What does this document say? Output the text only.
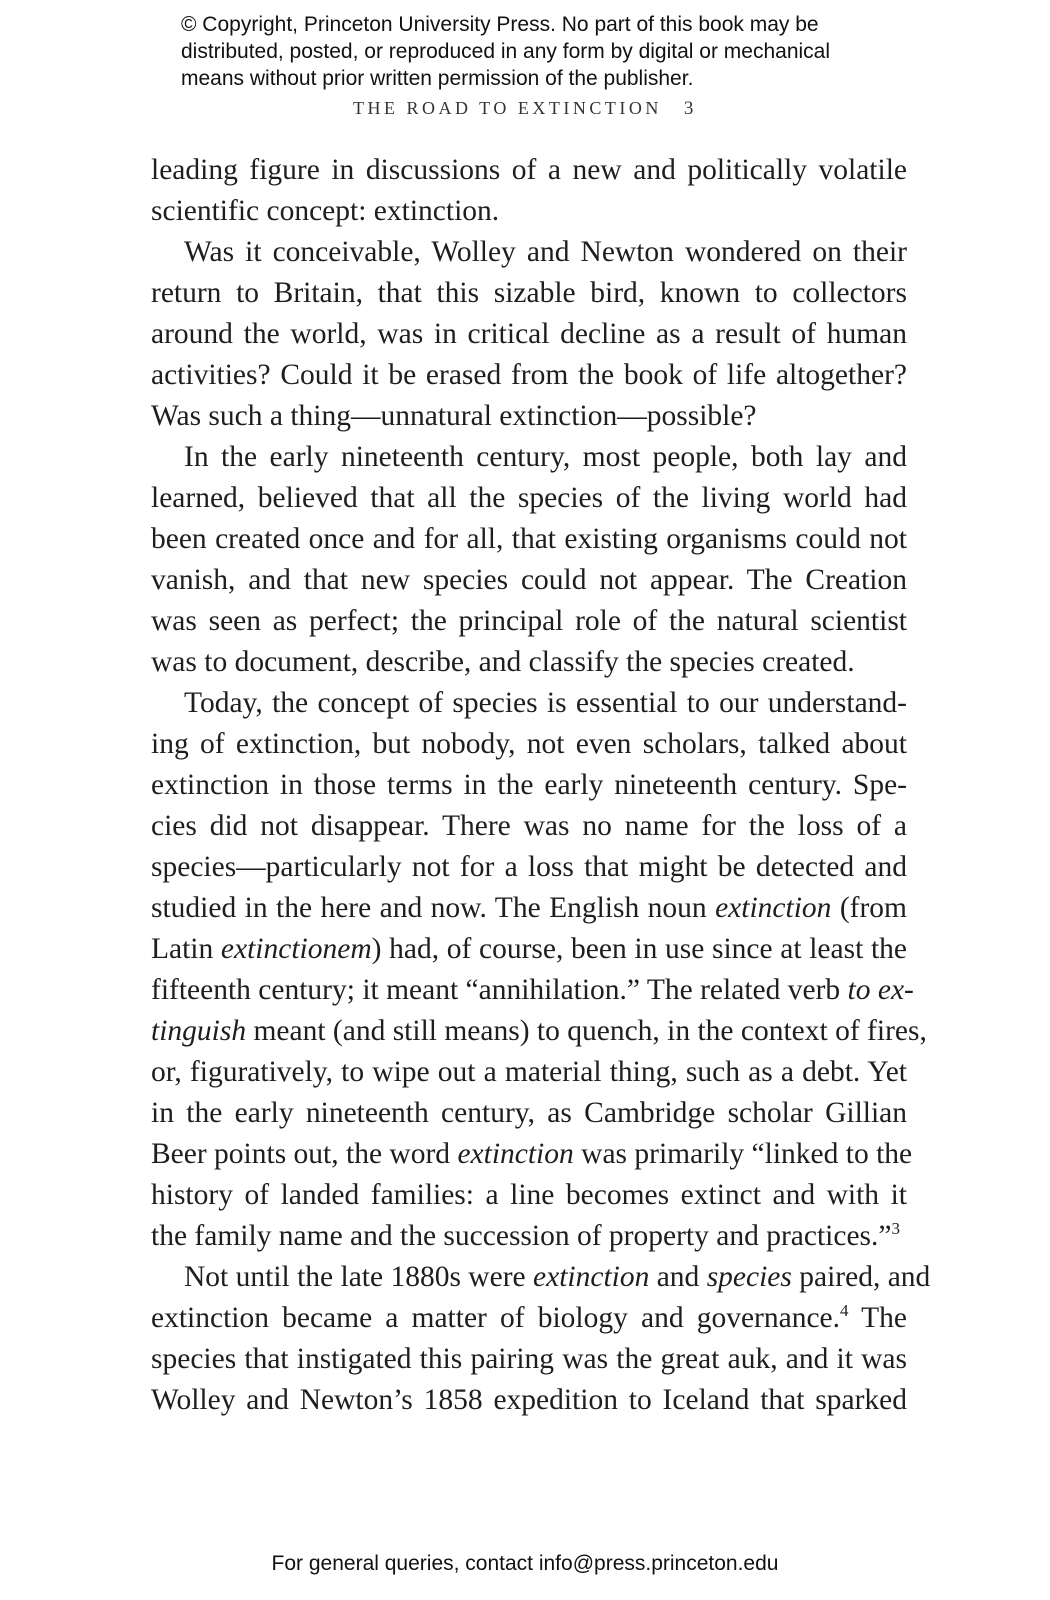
© Copyright, Princeton University Press. No part of this book may be
distributed, posted, or reproduced in any form by digital or mechanical
means without prior written permission of the publisher.
THE ROAD TO EXTINCTION 3
leading figure in discussions of a new and politically volatile
scientific concept: extinction.
Was it conceivable, Wolley and Newton wondered on their
return to Britain, that this sizable bird, known to collectors
around the world, was in critical decline as a result of human
activities? Could it be erased from the book of life altogether?
Was such a thing—unnatural extinction—possible?
In the early nineteenth century, most people, both lay and
learned, believed that all the species of the living world had
been created once and for all, that existing organisms could not
vanish, and that new species could not appear. The Creation
was seen as perfect; the principal role of the natural scientist
was to document, describe, and classify the species created.
Today, the concept of species is essential to our understand-
ing of extinction, but nobody, not even scholars, talked about
extinction in those terms in the early nineteenth century. Spe-
cies did not disappear. There was no name for the loss of a
species—particularly not for a loss that might be detected and
studied in the here and now. The English noun extinction (from
Latin extinctionem) had, of course, been in use since at least the
fifteenth century; it meant “annihilation.” The related verb to ex-
tinguish meant (and still means) to quench, in the context of fires,
or, figuratively, to wipe out a material thing, such as a debt. Yet
in the early nineteenth century, as Cambridge scholar Gillian
Beer points out, the word extinction was primarily “linked to the
history of landed families: a line becomes extinct and with it
the family name and the succession of property and practices.”$^3$
Not until the late 1880s were extinction and species paired, and
extinction became a matter of biology and governance.$^4$ The
species that instigated this pairing was the great auk, and it was
Wolley and Newton’s 1858 expedition to Iceland that sparked
For general queries, contact info@press.princeton.edu
